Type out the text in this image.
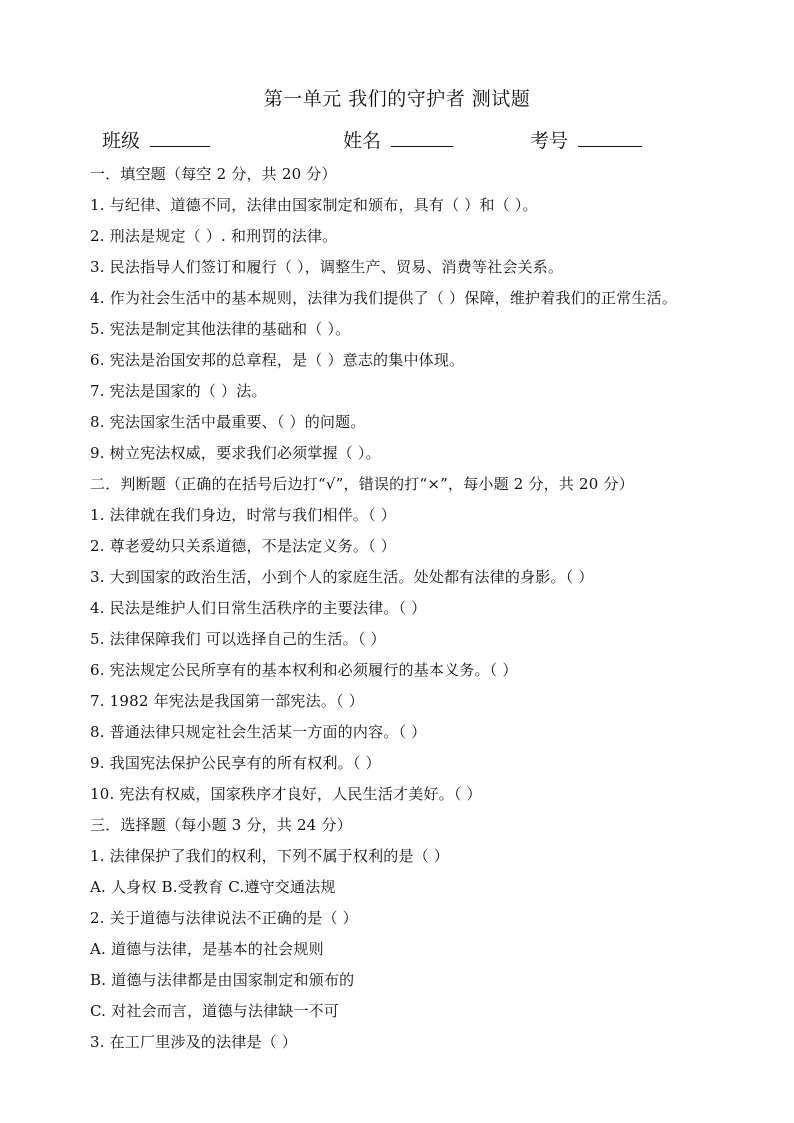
第一单元 我们的守护者 测试题
班级	姓名	考号
一．填空题（每空 2 分，共 20 分）
1. 与纪律、道德不同，法律由国家制定和颁布，具有（ ）和（ ）。
2. 刑法是规定（ ）. 和刑罚的法律。
3. 民法指导人们签订和履行（ ），调整生产、贸易、消费等社会关系。
4. 作为社会生活中的基本规则，法律为我们提供了（ ）保障，维护着我们的正常生活。
5. 宪法是制定其他法律的基础和（ ）。
6. 宪法是治国安邦的总章程，是（ ）意志的集中体现。
7. 宪法是国家的（ ）法。
8. 宪法国家生活中最重要、（ ）的问题。
9. 树立宪法权威，要求我们必须掌握（ ）。
二．判断题（正确的在括号后边打“√”，错误的打“×”，每小题 2 分，共 20 分）
1. 法律就在我们身边，时常与我们相伴。（ ）
2. 尊老爱幼只关系道德，不是法定义务。（ ）
3. 大到国家的政治生活，小到个人的家庭生活。处处都有法律的身影。（ ）
4. 民法是维护人们日常生活秩序的主要法律。（ ）
5. 法律保障我们 可以选择自己的生活。（ ）
6. 宪法规定公民所享有的基本权利和必须履行的基本义务。（ ）
7. 1982 年宪法是我国第一部宪法。（ ）
8. 普通法律只规定社会生活某一方面的内容。（ ）
9. 我国宪法保护公民享有的所有权利。（ ）
10. 宪法有权威，国家秩序才良好，人民生活才美好。（ ）
三．选择题（每小题 3 分，共 24 分）
1. 法律保护了我们的权利，下列不属于权利的是（ ）
A. 人身权 B.受教育 C.遵守交通法规
2. 关于道德与法律说法不正确的是（ ）
A. 道德与法律，是基本的社会规则
B. 道德与法律都是由国家制定和颁布的
C. 对社会而言，道德与法律缺一不可
3. 在工厂里涉及的法律是（ ）
